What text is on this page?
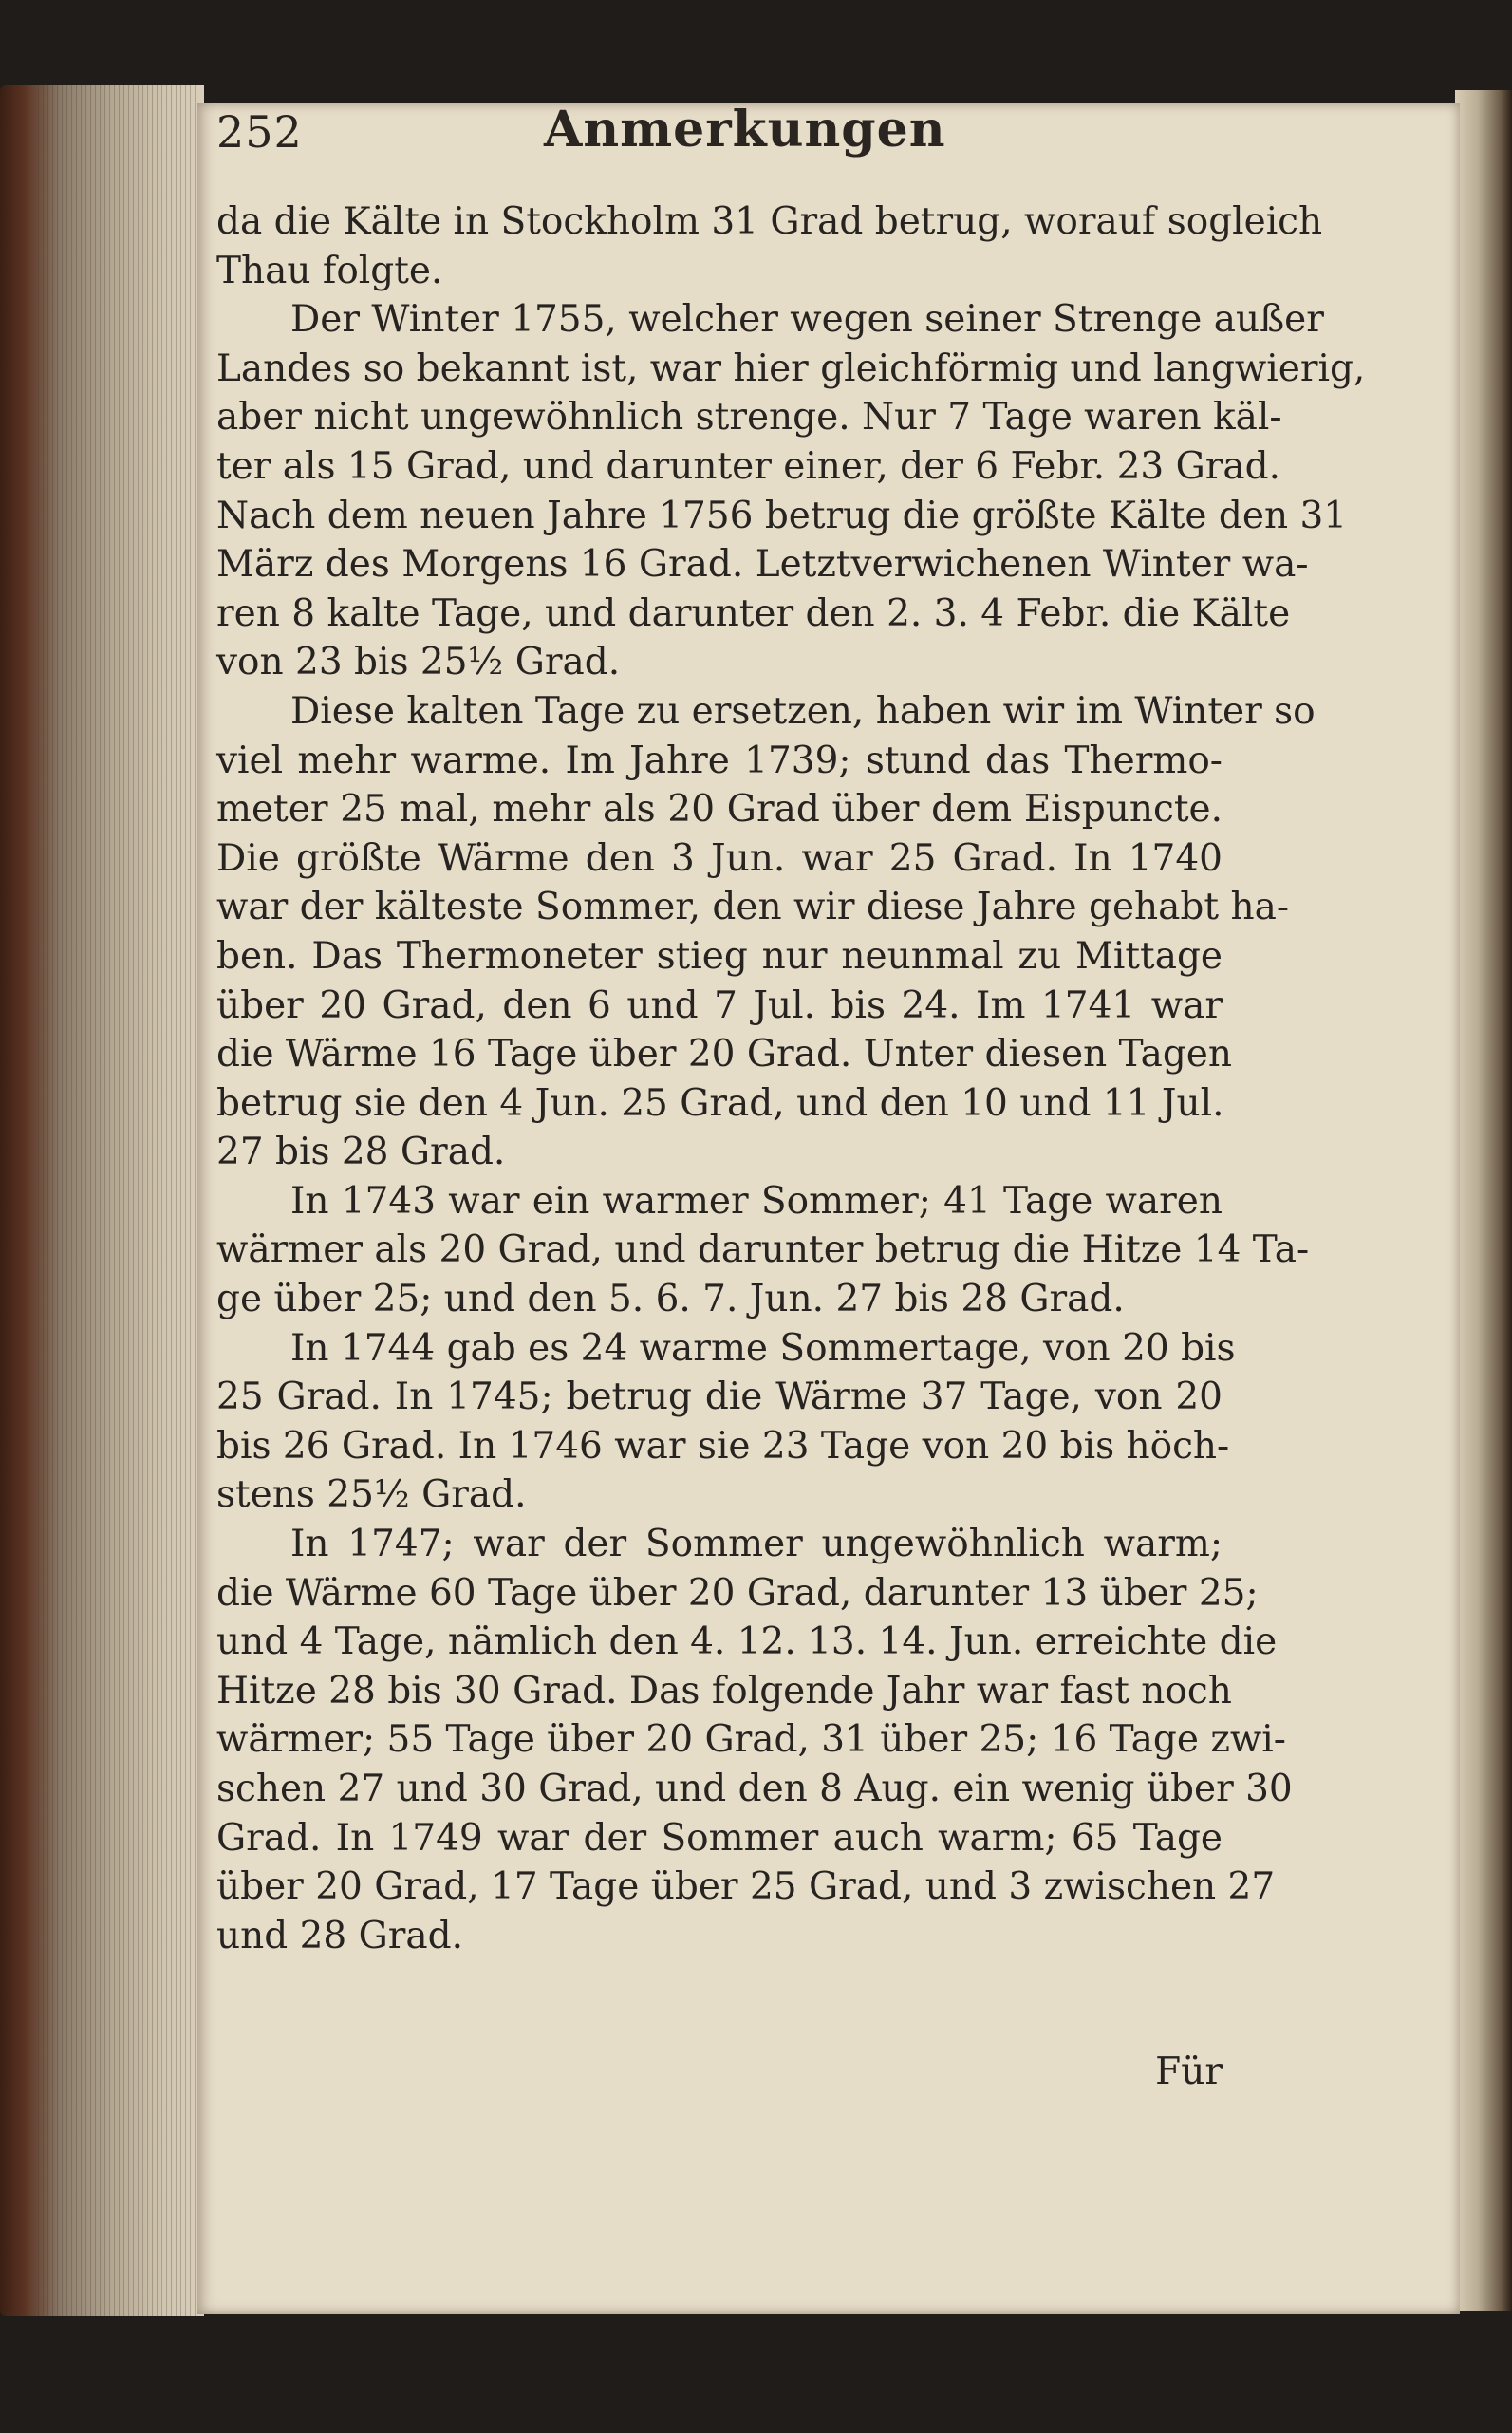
252	Anmerkungen
da die Kälte in Stockholm 31 Grad betrug, worauf sogleich
Thau folgte.
Der Winter 1755, welcher wegen seiner Strenge außer
Landes so bekannt ist, war hier gleichförmig und langwierig,
aber nicht ungewöhnlich strenge. Nur 7 Tage waren käl-
ter als 15 Grad, und darunter einer, der 6 Febr. 23 Grad.
Nach dem neuen Jahre 1756 betrug die größte Kälte den 31
März des Morgens 16 Grad. Letztverwichenen Winter wa-
ren 8 kalte Tage, und darunter den 2. 3. 4 Febr. die Kälte
von 23 bis 25½ Grad.
Diese kalten Tage zu ersetzen, haben wir im Winter so
viel mehr warme. Im Jahre 1739; stund das Thermo-
meter 25 mal, mehr als 20 Grad über dem Eispuncte.
Die größte Wärme den 3 Jun. war 25 Grad. In 1740
war der kälteste Sommer, den wir diese Jahre gehabt ha-
ben. Das Thermoneter stieg nur neunmal zu Mittage
über 20 Grad, den 6 und 7 Jul. bis 24. Im 1741 war
die Wärme 16 Tage über 20 Grad. Unter diesen Tagen
betrug sie den 4 Jun. 25 Grad, und den 10 und 11 Jul.
27 bis 28 Grad.
In 1743 war ein warmer Sommer; 41 Tage waren
wärmer als 20 Grad, und darunter betrug die Hitze 14 Ta-
ge über 25; und den 5. 6. 7. Jun. 27 bis 28 Grad.
In 1744 gab es 24 warme Sommertage, von 20 bis
25 Grad. In 1745; betrug die Wärme 37 Tage, von 20
bis 26 Grad. In 1746 war sie 23 Tage von 20 bis höch-
stens 25½ Grad.
In 1747; war der Sommer ungewöhnlich warm;
die Wärme 60 Tage über 20 Grad, darunter 13 über 25;
und 4 Tage, nämlich den 4. 12. 13. 14. Jun. erreichte die
Hitze 28 bis 30 Grad. Das folgende Jahr war fast noch
wärmer; 55 Tage über 20 Grad, 31 über 25; 16 Tage zwi-
schen 27 und 30 Grad, und den 8 Aug. ein wenig über 30
Grad. In 1749 war der Sommer auch warm; 65 Tage
über 20 Grad, 17 Tage über 25 Grad, und 3 zwischen 27
und 28 Grad.
Für
